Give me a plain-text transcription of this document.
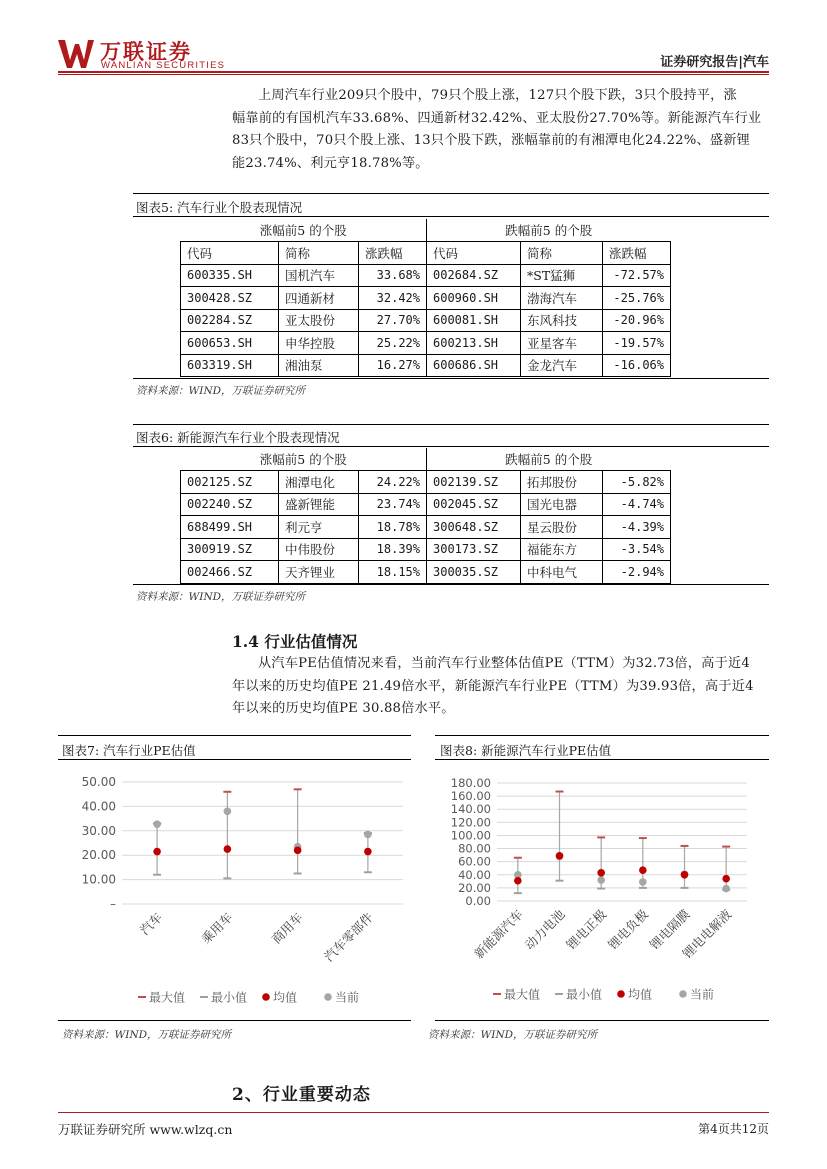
万联证券
WANLIAN SECURITIES	证券研究报告|汽车
上周汽车行业209只个股中，79只个股上涨，127只个股下跌，3只个股持平，涨
幅靠前的有国机汽车33.68%、四通新材32.42%、亚太股份27.70%等。新能源汽车行业
83只个股中，70只个股上涨、13只个股下跌，涨幅靠前的有湘潭电化24.22%、盛新锂
能23.74%、利元亨18.78%等。
图表5: 汽车行业个股表现情况
涨幅前5 的个股			跌幅前5 的个股		
代码	简称	涨跌幅	代码	简称	涨跌幅
600335.SH	国机汽车	33.68%	002684.SZ	*ST猛狮	-72.57%
300428.SZ	四通新材	32.42%	600960.SH	渤海汽车	-25.76%
002284.SZ	亚太股份	27.70%	600081.SH	东风科技	-20.96%
600653.SH	申华控股	25.22%	600213.SH	亚星客车	-19.57%
603319.SH	湘油泵	16.27%	600686.SH	金龙汽车	-16.06%
资料来源：WIND，万联证券研究所
图表6: 新能源汽车行业个股表现情况
涨幅前5 的个股			跌幅前5 的个股		
002125.SZ	湘潭电化	24.22%	002139.SZ	拓邦股份	-5.82%
002240.SZ	盛新锂能	23.74%	002045.SZ	国光电器	-4.74%
688499.SH	利元亨	18.78%	300648.SZ	星云股份	-4.39%
300919.SZ	中伟股份	18.39%	300173.SZ	福能东方	-3.54%
002466.SZ	天齐锂业	18.15%	300035.SZ	中科电气	-2.94%
资料来源：WIND，万联证券研究所
1.4 行业估值情况
从汽车PE估值情况来看，当前汽车行业整体估值PE（TTM）为32.73倍，高于近4
年以来的历史均值PE 21.49倍水平，新能源汽车行业PE（TTM）为39.93倍，高于近4
年以来的历史均值PE 30.88倍水平。
图表7: 汽车行业PE估值	图表8: 新能源汽车行业PE估值
–
10.00
20.00
30.00
40.00
50.00
汽车	乘用车	商用车 汽车零部件
最大值 最小值 均值	当前
0.00
20.00
40.00
60.00
80.00
100.00
120.00
140.00
160.00
180.00
新能源汽车
动力电池
锂电正极
锂电负极
锂电隔膜
锂电电解液
最大值 最小值 均值	当前
资料来源：WIND，万联证券研究所	资料来源：WIND，万联证券研究所
2、行业重要动态
万联证券研究所 www.wlzq.cn	第4页共12页
